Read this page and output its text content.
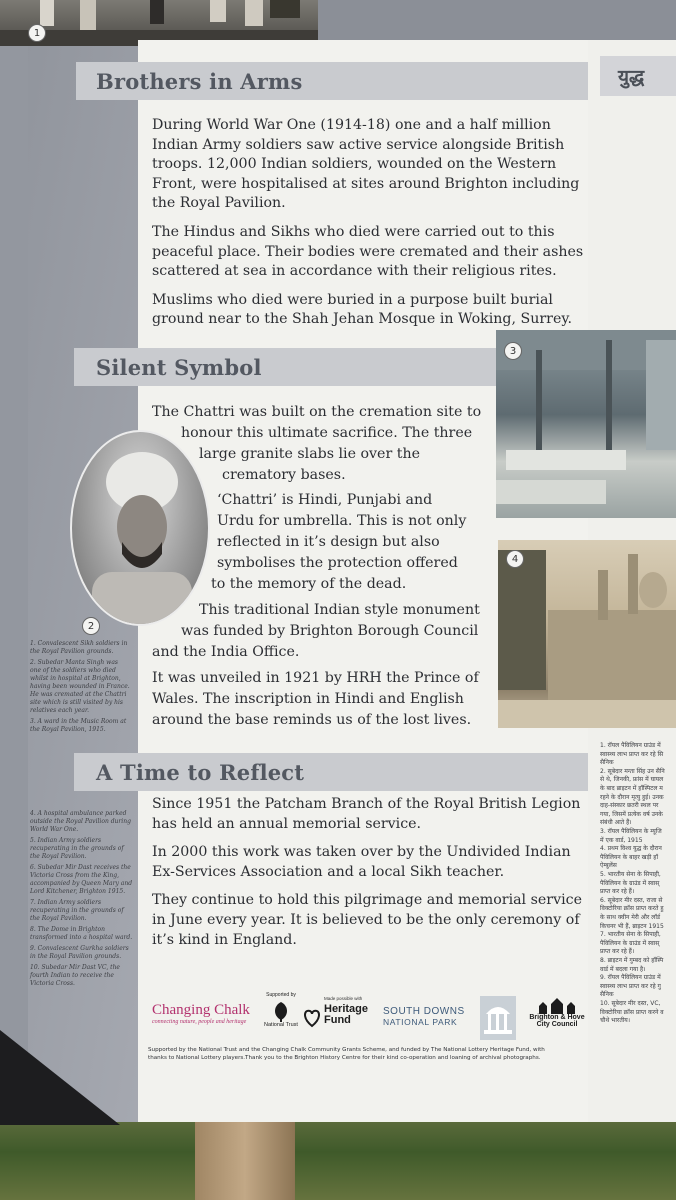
1
युद्ध
Brothers in Arms

During World War One (1914-18) one and a half million Indian Army soldiers saw active service alongside British troops. 12,000 Indian soldiers, wounded on the Western Front, were hospitalised at sites around Brighton including the Royal Pavilion.

The Hindus and Sikhs who died were carried out to this peaceful place. Their bodies were cremated and their ashes scattered at sea in accordance with their religious rites.

Muslims who died were buried in a purpose built burial ground near to the Shah Jehan Mosque in Woking, Surrey.

Silent Symbol
The Chattri was built on the cremation site to
honour this ultimate sacrifice. The three
large granite slabs lie over the
crematory bases.
‘Chattri’ is Hindi, Punjabi and
Urdu for umbrella. This is not only
reflected in it’s design but also
symbolises the protection offered
to the memory of the dead.
This traditional Indian style monument
was funded by Brighton Borough Council
and the India Office.
It was unveiled in 1921 by HRH the Prince of
Wales. The inscription in Hindi and English
around the base reminds us of the lost lives.
2
3
4
1. Convalescent Sikh soldiers in the Royal Pavilion grounds.
2. Subedar Manta Singh was one of the soldiers who died whilst in hospital at Brighton, having been wounded in France. He was cremated at the Chattri site which is still visited by his relatives each year.
3. A ward in the Music Room at the Royal Pavilion, 1915.
4. A hospital ambulance parked outside the Royal Pavilion during World War One.
5. Indian Army soldiers recuperating in the grounds of the Royal Pavilion.
6. Subedar Mir Dast receives the Victoria Cross from the King, accompanied by Queen Mary and Lord Kitchener, Brighton 1915.
7. Indian Army soldiers recuperating in the grounds of the Royal Pavilion.
8. The Dome in Brighton transformed into a hospital ward.
9. Convalescent Gurkha soldiers in the Royal Pavilion grounds.
10. Subedar Mir Dast VC, the fourth Indian to receive the Victoria Cross.
1. रॉयल पैविलियन ग्राउंड में
स्वास्थ्य लाभ प्राप्त कर रहे सि
सैनिक
2. सूबेदार मन्ता सिंह उन सैनि
से थे, जिनकी, फ्रांस में घायल
के बाद ब्राइटन में हॉस्पिटल म
रहने के दौरान मृत्यु हुई। उनक
दाह-संस्कार छतरी स्थल पर
गया, जिसमें प्रत्येक वर्ष उनके
संबंधी आते हैं।
3. रॉयल पैविलियन के म्यूजि
में एक वार्ड, 1915
4. प्रथम विश्व युद्ध के दौरान
पैविलियन के बाहर खड़ी हॉ
ऐम्बुलेंस
5. भारतीय सेना के सिपाही,
पैविलियन के ग्राउंड में स्वास्
प्राप्त कर रहे हैं।
6. सूबेदार मीर दस्त, राजा से
विक्टोरिया क्रॉस प्राप्त करते हु
के साथ क्वीन मेरी और लॉर्ड
किचनर भी हैं, ब्राइटन 1915
7. भारतीय सेना के सिपाही,
पैविलियन के ग्राउंड में स्वास्
प्राप्त कर रहे हैं।
8. ब्राइटन में गुम्बद को हॉस्पि
वार्ड में बदला गया है।
9. रॉयल पैविलियन ग्राउंड में
स्वास्थ्य लाभ प्राप्त कर रहे गु
सैनिक
10. सूबेदार मीर दस्त, VC,
विक्टोरिया क्रॉस प्राप्त करने व
चौथे भारतीय।
A Time to Reflect

Since 1951 the Patcham Branch of the Royal British Legion has held an annual memorial service.

In 2000 this work was taken over by the Undivided Indian Ex-Services Association and a local Sikh teacher.

They continue to hold this pilgrimage and memorial service in June every year. It is believed to be the only ceremony of it’s kind in England.

Changing Chalk
connecting nature, people and heritage
Supported by
National Trust
Made possible with
Heritage
Fund
SOUTH DOWNS
NATIONAL PARK	Brighton & Hove
City Council
Supported by the National Trust and the Changing Chalk Community Grants Scheme, and funded by The National Lottery Heritage Fund, with
thanks to National Lottery players.Thank you to the Brighton History Centre for their kind co-operation and loaning of archival photographs.
